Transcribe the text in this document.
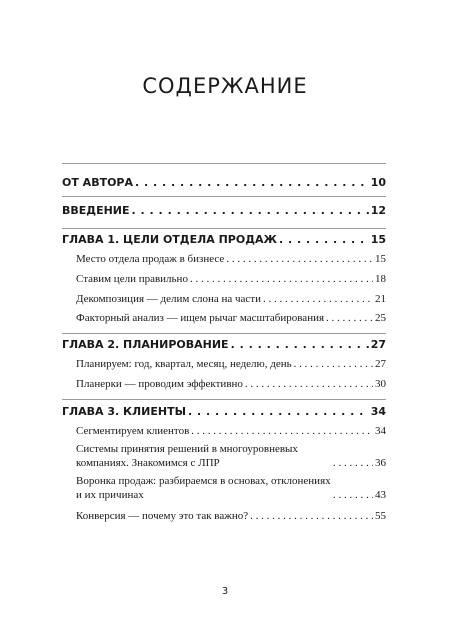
СОДЕРЖАНИЕ
ОТ АВТОРА . . .	10
ВВЕДЕНИЕ . . .	12
ГЛАВА 1. ЦЕЛИ ОТДЕЛА ПРОДАЖ . . .	15
Место отдела продаж в бизнесе . . .	15
Ставим цели правильно . . .	18
Декомпозиция — делим слона на части . . .	21
Факторный анализ — ищем рычаг масштабирования . . .	25
ГЛАВА 2. ПЛАНИРОВАНИЕ . . .	27
Планируем: год, квартал, месяц, неделю, день . . .	27
Планерки — проводим эффективно . . .	30
ГЛАВА 3. КЛИЕНТЫ . . .	34
Сегментируем клиентов . . .	34
Системы принятия решений в многоуровневых компаниях. Знакомимся с ЛПР . . .	36
Воронка продаж: разбираемся в основах, отклонениях и их причинах . . .	43
Конверсия — почему это так важно? . . .	55
3
